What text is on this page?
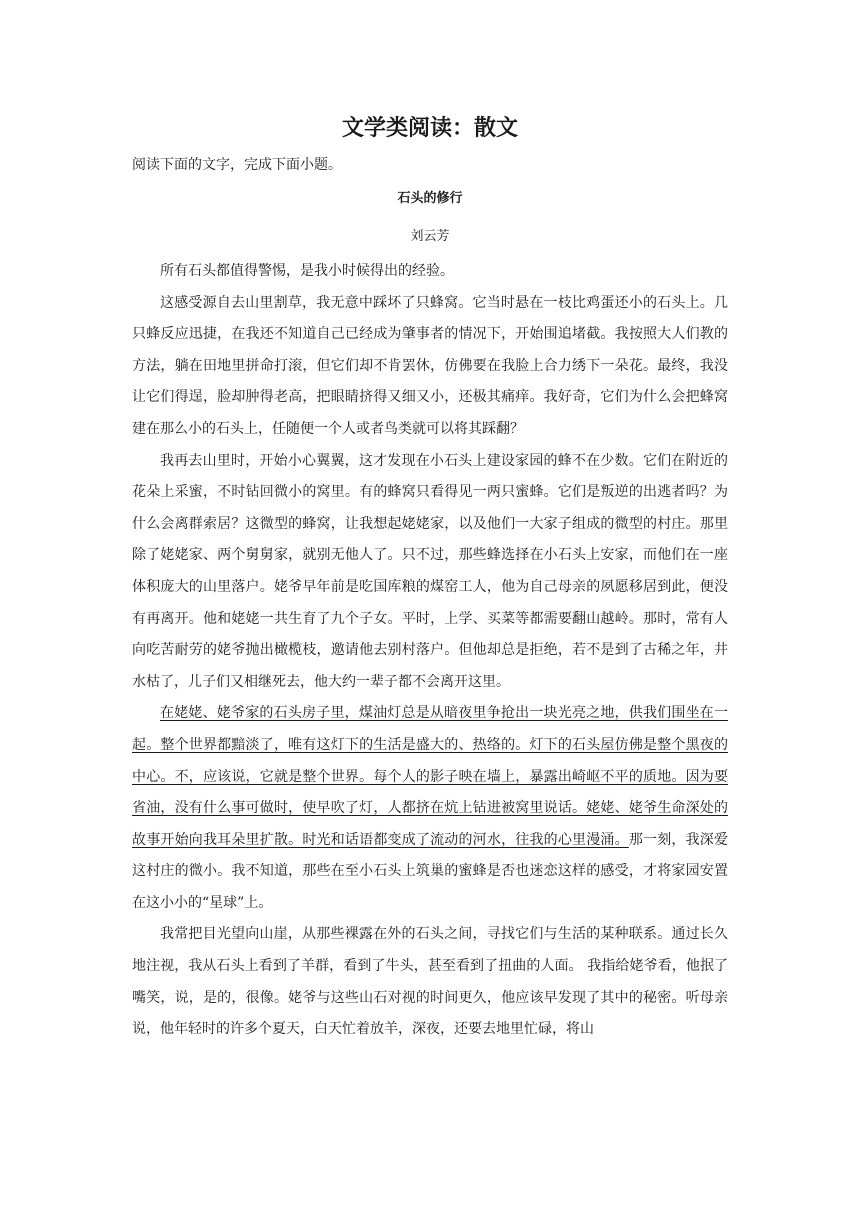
文学类阅读：散文
阅读下面的文字，完成下面小题。
石头的修行
刘云芳

所有石头都值得警惕，是我小时候得出的经验。

这感受源自去山里割草，我无意中踩坏了只蜂窝。它当时悬在一枝比鸡蛋还小的石头上。几只蜂反应迅捷，在我还不知道自己已经成为肇事者的情况下，开始围追堵截。我按照大人们教的方法，躺在田地里拼命打滚，但它们却不肯罢休，仿佛要在我脸上合力绣下一朵花。最终，我没让它们得逞，脸却肿得老高，把眼睛挤得又细又小，还极其痛痒。我好奇，它们为什么会把蜂窝建在那么小的石头上，任随便一个人或者鸟类就可以将其踩翻？

我再去山里时，开始小心翼翼，这才发现在小石头上建设家园的蜂不在少数。它们在附近的花朵上采蜜，不时钻回微小的窝里。有的蜂窝只看得见一两只蜜蜂。它们是叛逆的出逃者吗？为什么会离群索居？这微型的蜂窝，让我想起姥姥家，以及他们一大家子组成的微型的村庄。那里除了姥姥家、两个舅舅家，就别无他人了。只不过，那些蜂选择在小石头上安家，而他们在一座体积庞大的山里落户。姥爷早年前是吃国库粮的煤窑工人，他为自己母亲的夙愿移居到此，便没有再离开。他和姥姥一共生育了九个子女。平时，上学、买菜等都需要翻山越岭。那时，常有人向吃苦耐劳的姥爷抛出橄榄枝，邀请他去别村落户。但他却总是拒绝，若不是到了古稀之年，井水枯了，儿子们又相继死去，他大约一辈子都不会离开这里。

在姥姥、姥爷家的石头房子里，煤油灯总是从暗夜里争抢出一块光亮之地，供我们围坐在一起。整个世界都黯淡了，唯有这灯下的生活是盛大的、热络的。灯下的石头屋仿佛是整个黑夜的中心。不，应该说，它就是整个世界。每个人的影子映在墙上，暴露出崎岖不平的质地。因为要省油，没有什么事可做时，使早吹了灯，人都挤在炕上钻进被窝里说话。姥姥、姥爷生命深处的故事开始向我耳朵里扩散。时光和话语都变成了流动的河水，往我的心里漫涌。那一刻，我深爱这村庄的微小。我不知道，那些在至小石头上筑巢的蜜蜂是否也迷恋这样的感受，才将家园安置在这小小的“星球”上。

我常把目光望向山崖，从那些裸露在外的石头之间，寻找它们与生活的某种联系。通过长久地注视，我从石头上看到了羊群，看到了牛头，甚至看到了扭曲的人面。 我指给姥爷看，他抿了嘴笑，说，是的，很像。姥爷与这些山石对视的时间更久，他应该早发现了其中的秘密。听母亲说，他年轻时的许多个夏天，白天忙着放羊，深夜，还要去地里忙碌，将山
